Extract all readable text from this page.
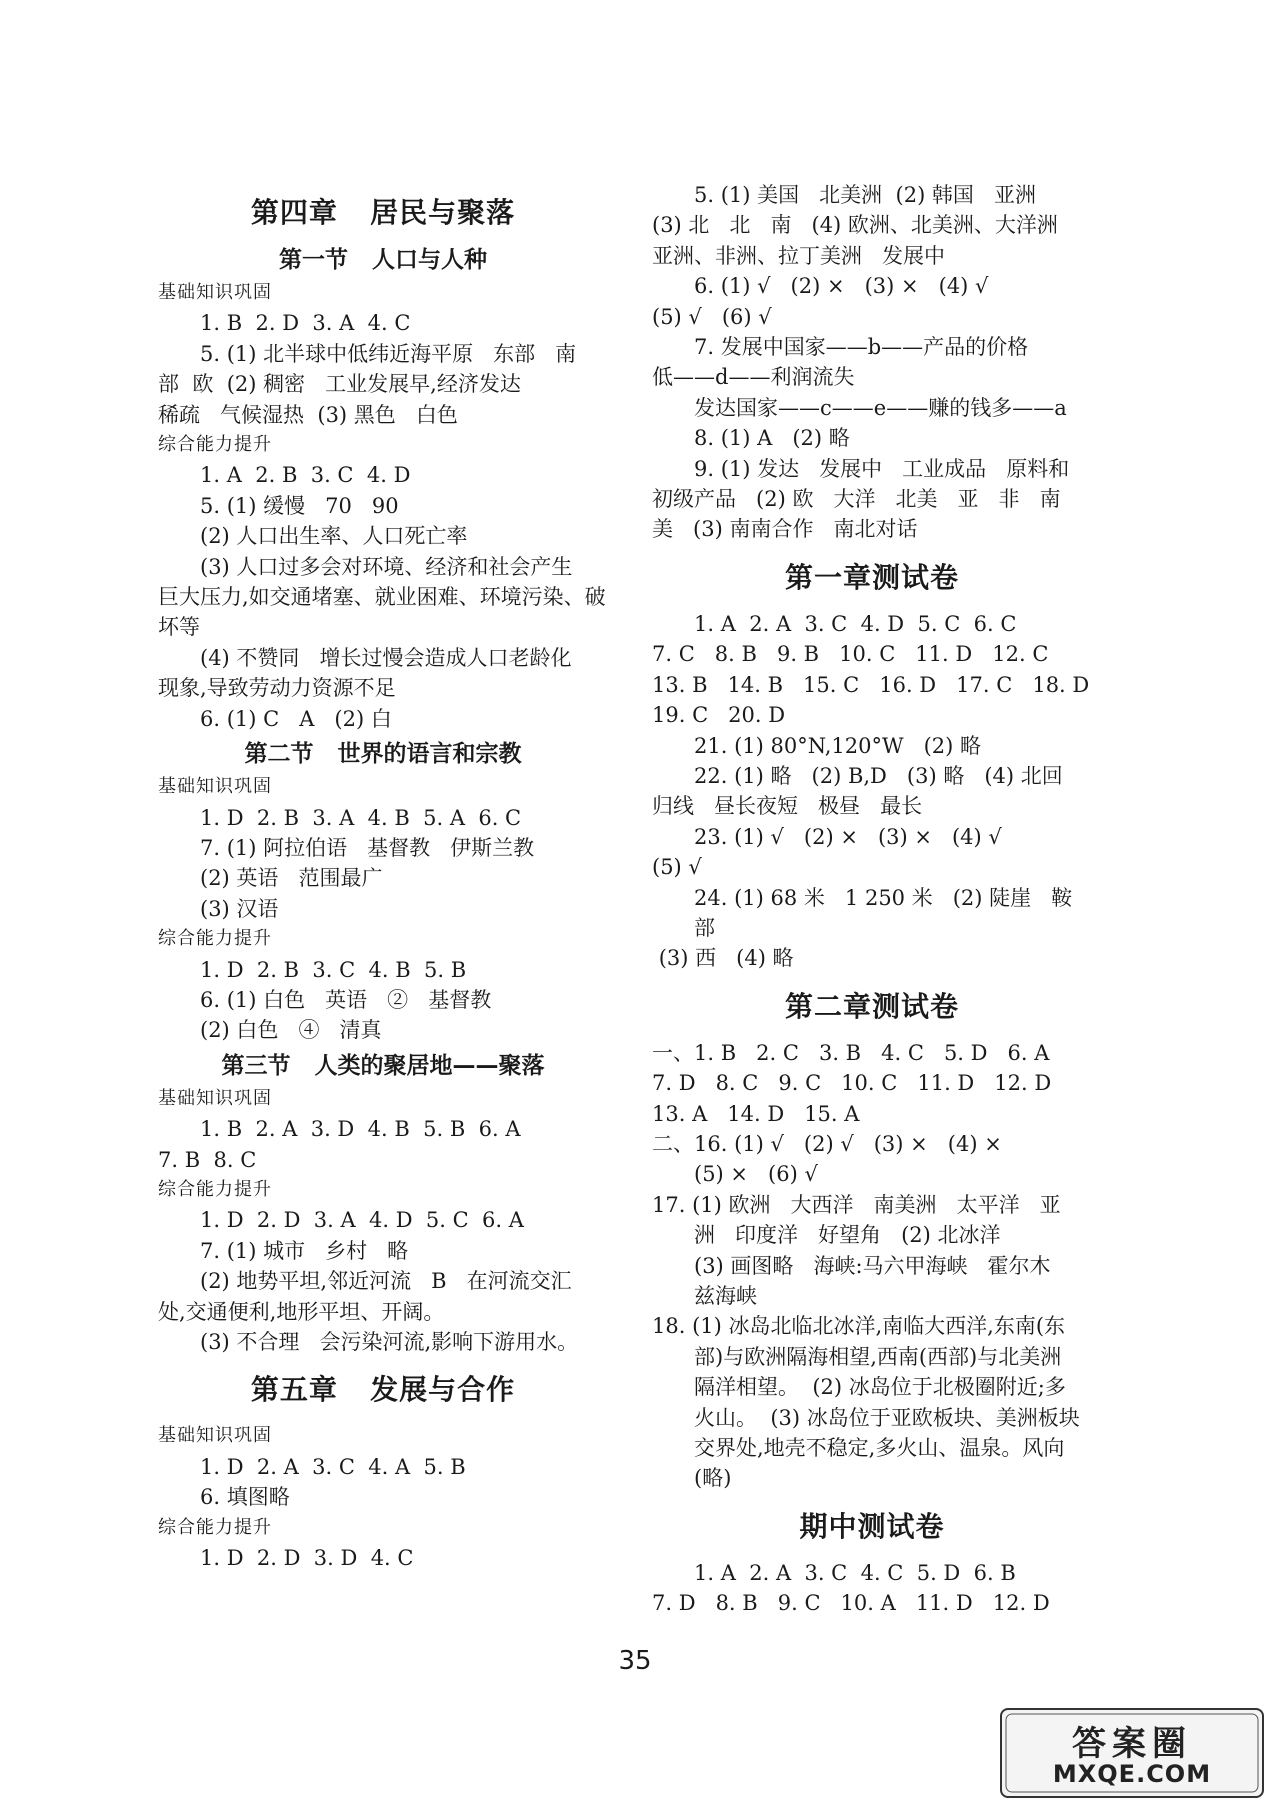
第四章   居民与聚落

第一节   人口与人种

基础知识巩固

1. B  2. D  3. A  4. C

5. (1) 北半球中低纬近海平原   东部   南

部  欧  (2) 稠密   工业发展早,经济发达

稀疏   气候湿热  (3) 黑色   白色

综合能力提升

1. A  2. B  3. C  4. D

5. (1) 缓慢   70   90

(2) 人口出生率、人口死亡率

(3) 人口过多会对环境、经济和社会产生

巨大压力,如交通堵塞、就业困难、环境污染、破

坏等

(4) 不赞同   增长过慢会造成人口老龄化

现象,导致劳动力资源不足

6. (1) C   A   (2) 白

第二节   世界的语言和宗教

基础知识巩固

1. D  2. B  3. A  4. B  5. A  6. C

7. (1) 阿拉伯语   基督教   伊斯兰教

(2) 英语   范围最广

(3) 汉语

综合能力提升

1. D  2. B  3. C  4. B  5. B

6. (1) 白色   英语   ②   基督教

(2) 白色   ④   清真

第三节   人类的聚居地——聚落

基础知识巩固

1. B  2. A  3. D  4. B  5. B  6. A

7. B  8. C

综合能力提升

1. D  2. D  3. A  4. D  5. C  6. A

7. (1) 城市   乡村   略

(2) 地势平坦,邻近河流   B   在河流交汇

处,交通便利,地形平坦、开阔。

(3) 不合理   会污染河流,影响下游用水。

第五章   发展与合作

基础知识巩固

1. D  2. A  3. C  4. A  5. B

6. 填图略

综合能力提升

1. D  2. D  3. D  4. C

5. (1) 美国   北美洲  (2) 韩国   亚洲

(3) 北   北   南   (4) 欧洲、北美洲、大洋洲

亚洲、非洲、拉丁美洲   发展中

6. (1) √   (2) ×   (3) ×   (4) √

(5) √   (6) √

7. 发展中国家——b——产品的价格

低——d——利润流失

发达国家——c——e——赚的钱多——a

8. (1) A   (2) 略

9. (1) 发达   发展中   工业成品   原料和

初级产品   (2) 欧   大洋   北美   亚   非   南

美   (3) 南南合作   南北对话

第一章测试卷

1. A  2. A  3. C  4. D  5. C  6. C

7. C   8. B   9. B   10. C   11. D   12. C

13. B   14. B   15. C   16. D   17. C   18. D

19. C   20. D

21. (1) 80°N,120°W   (2) 略

22. (1) 略   (2) B,D   (3) 略   (4) 北回

归线   昼长夜短   极昼   最长

23. (1) √   (2) ×   (3) ×   (4) √

(5) √

24. (1) 68 米   1 250 米   (2) 陡崖   鞍部

(3) 西   (4) 略

第二章测试卷

一、1. B   2. C   3. B   4. C   5. D   6. A

7. D   8. C   9. C   10. C   11. D   12. D

13. A   14. D   15. A

二、16. (1) √   (2) √   (3) ×   (4) ×

(5) ×   (6) √

17. (1) 欧洲   大西洋   南美洲   太平洋   亚

洲   印度洋   好望角   (2) 北冰洋

(3) 画图略   海峡:马六甲海峡   霍尔木

兹海峡

18. (1) 冰岛北临北冰洋,南临大西洋,东南(东

部)与欧洲隔海相望,西南(西部)与北美洲

隔洋相望。  (2) 冰岛位于北极圈附近;多

火山。  (3) 冰岛位于亚欧板块、美洲板块

交界处,地壳不稳定,多火山、温泉。风向

(略)

期中测试卷

1. A  2. A  3. C  4. C  5. D  6. B

7. D   8. B   9. C   10. A   11. D   12. D

35
答案圈
MXQE.COM
